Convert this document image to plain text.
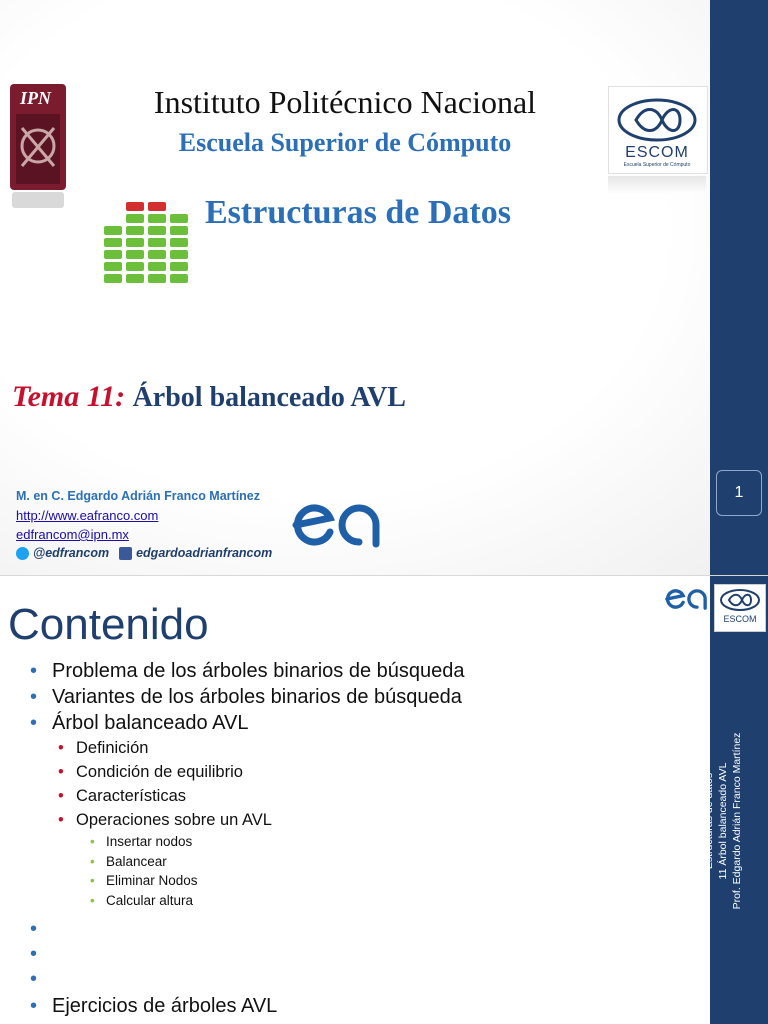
IPN
ESCOM
Escuela Superior de Cómputo
Instituto Politécnico Nacional
Escuela Superior de Cómputo
Estructuras de Datos
Tema 11: Árbol balanceado AVL
M. en C. Edgardo Adrián Franco Martínez
http://www.eafranco.com
edfrancom@ipn.mx
@edfrancom edgardoadrianfrancom
1
ESCOM
Estructuras de datos 11 Árbol balanceado AVL Prof. Edgardo Adrián Franco Martínez
Contenido
• Problema de los árboles binarios de búsqueda
• Variantes de los árboles binarios de búsqueda
• Árbol balanceado AVL
• Definición
• Condición de equilibrio
• Características
• Operaciones sobre un AVL
• Insertar nodos
• Balancear
• Eliminar Nodos
• Calcular altura
•
•
•
• Ejercicios de árboles AVL
